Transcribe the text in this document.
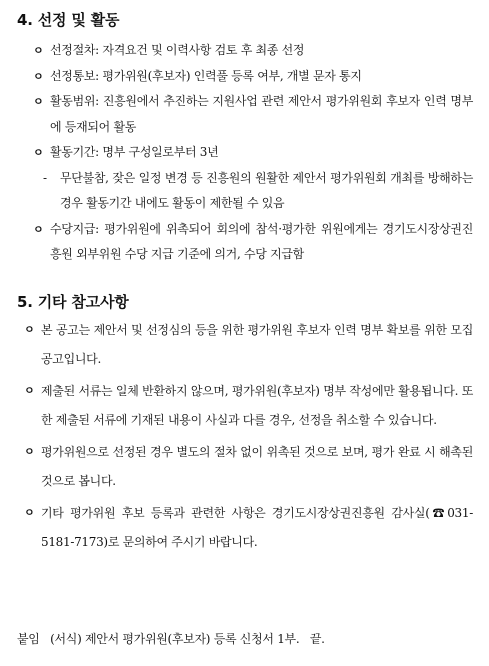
4. 선정 및 활동
ㅇ 선정절차: 자격요건 및 이력사항 검토 후 최종 선정
ㅇ 선정통보: 평가위원(후보자) 인력풀 등록 여부, 개별 문자 통지
ㅇ 활동범위: 진흥원에서 추진하는 지원사업 관련 제안서 평가위원회 후보자 인력 명부에 등재되어 활동
ㅇ 활동기간: 명부 구성일로부터 3년
-	무단불참, 잦은 일정 변경 등 진흥원의 원활한 제안서 평가위원회 개최를 방해하는 경우 활동기간 내에도 활동이 제한될 수 있음
ㅇ 수당지급: 평가위원에 위촉되어 회의에 참석·평가한 위원에게는 경기도시장상권진흥원 외부위원 수당 지급 기준에 의거, 수당 지급함
5. 기타 참고사항
ㅇ 본 공고는 제안서 및 선정심의 등을 위한 평가위원 후보자 인력 명부 확보를 위한 모집공고입니다.
ㅇ 제출된 서류는 일체 반환하지 않으며, 평가위원(후보자) 명부 작성에만 활용됩니다. 또한 제출된 서류에 기재된 내용이 사실과 다를 경우, 선정을 취소할 수 있습니다.
ㅇ 평가위원으로 선정된 경우 별도의 절차 없이 위촉된 것으로 보며, 평가 완료 시 해촉된 것으로 봅니다.
ㅇ 기타 평가위원 후보 등록과 관련한 사항은 경기도시장상권진흥원 감사실(☎031-5181-7173)로 문의하여 주시기 바랍니다.
붙임   (서식) 제안서 평가위원(후보자) 등록 신청서 1부.   끝.
